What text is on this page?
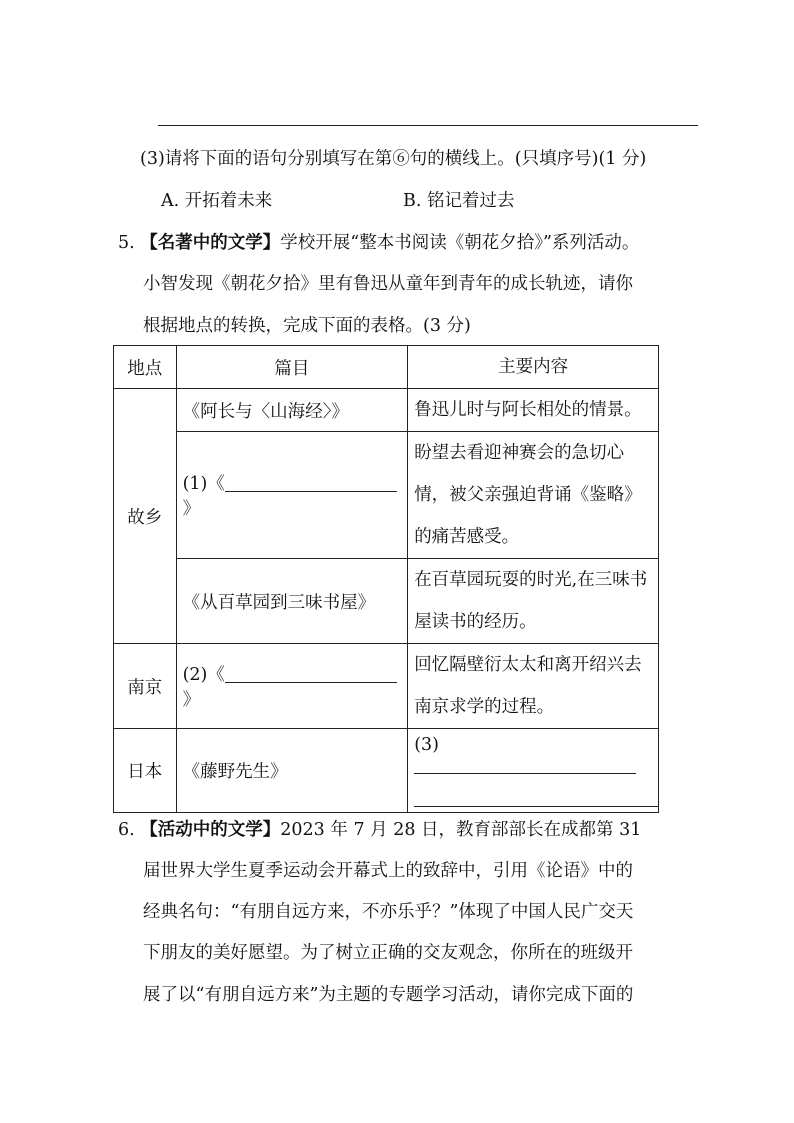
(3)请将下面的语句分别填写在第⑥句的横线上。(只填序号)(1 分)
A. 开拓着未来	B. 铭记着过去
5. 【名著中的文学】学校开展“整本书阅读《朝花夕拾》”系列活动。
小智发现《朝花夕拾》里有鲁迅从童年到青年的成长轨迹，请你
根据地点的转换，完成下面的表格。(3 分)
地点	篇目	主要内容
故乡	《阿长与〈山海经〉》	鲁迅儿时与阿长相处的情景。
	(1)《》	盼望去看迎神赛会的急切心情，被父亲强迫背诵《鉴略》的痛苦感受。
	《从百草园到三味书屋》	在百草园玩耍的时光,在三味书屋读书的经历。
南京	(2)《》	回忆隔壁衍太太和离开绍兴去南京求学的过程。
日本	《藤野先生》	(3)
6. 【活动中的文学】2023 年 7 月 28 日，教育部部长在成都第 31
届世界大学生夏季运动会开幕式上的致辞中，引用《论语》中的
经典名句：“有朋自远方来，不亦乐乎？”体现了中国人民广交天
下朋友的美好愿望。为了树立正确的交友观念，你所在的班级开
展了以“有朋自远方来”为主题的专题学习活动，请你完成下面的
